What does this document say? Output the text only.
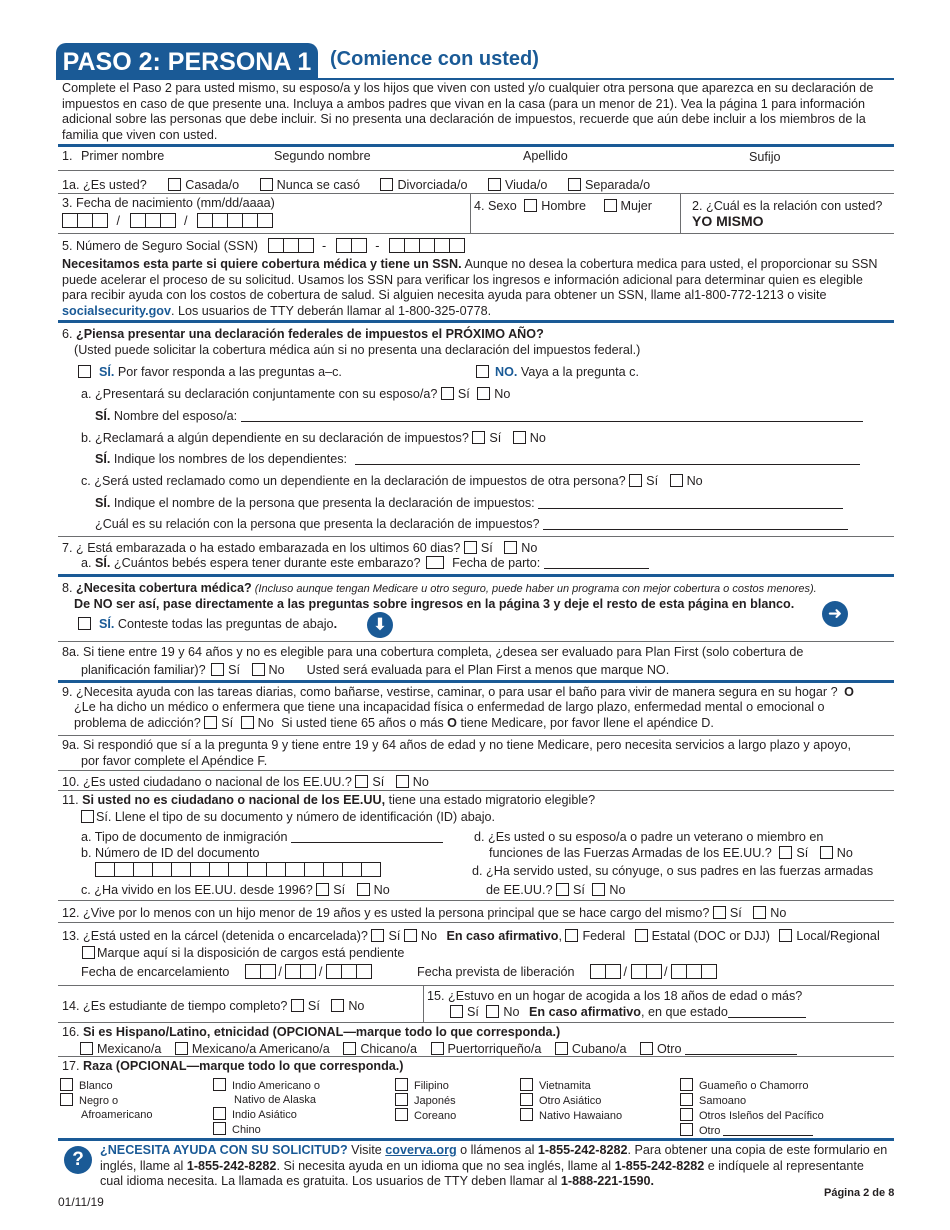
PASO 2: PERSONA 1 (Comience con usted)
Complete el Paso 2 para usted mismo, su esposo/a y los hijos que viven con usted y/o cualquier otra persona que aparezca en su declaración de impuestos en caso de que presente una. Incluya a ambos padres que vivan en la casa (para un menor de 21). Vea la página 1 para información adicional sobre las personas que debe incluir. Si no presenta una declaración de impuestos, recuerde que aún debe incluir a los miembros de la familia que viven con usted.
1. Primer nombre	Segundo nombre	Apellido	Sufijo
1a. ¿Es usted?	Casada/o	Nunca se casó	Divorciada/o	Viuda/o	Separada/o
3. Fecha de nacimiento (mm/dd/aaaa)
/	/
4. Sexo Hombre	Mujer	2. ¿Cuál es la relación con usted?
YO MISMO
5. Número de Seguro Social (SSN)	-	-
Necesitamos esta parte si quiere cobertura médica y tiene un SSN. Aunque no desea la cobertura medica para usted, el proporcionar su SSN puede acelerar el proceso de su solicitud. Usamos los SSN para verificar los ingresos e información adicional para determinar quien es elegible para recibir ayuda con los costos de cobertura de salud. Si alguien necesita ayuda para obtener un SSN, llame al1-800-772-1213 o visite socialsecurity.gov. Los usuarios de TTY deberán llamar al 1-800-325-0778.
6. ¿Piensa presentar una declaración federales de impuestos el PRÓXIMO AÑO?
(Usted puede solicitar la cobertura médica aún si no presenta una declaración del impuestos federal.)
SÍ. Por favor responda a las preguntas a–c.	NO. Vaya a la pregunta c.
a. ¿Presentará su declaración conjuntamente con su esposo/a? Sí No
SÍ. Nombre del esposo/a:
b. ¿Reclamará a algún dependiente en su declaración de impuestos? Sí No
SÍ. Indique los nombres de los dependientes:
c. ¿Será usted reclamado como un dependiente en la declaración de impuestos de otra persona? Sí No
SÍ. Indique el nombre de la persona que presenta la declaración de impuestos:
¿Cuál es su relación con la persona que presenta la declaración de impuestos?
7. ¿ Está embarazada o ha estado embarazada en los ultimos 60 dias? Sí No
a. SÍ. ¿Cuántos bebés espera tener durante este embarazo?	Fecha de parto:
8. ¿Necesita cobertura médica? (Incluso aunque tengan Medicare u otro seguro, puede haber un programa con mejor cobertura o costos menores).
De NO ser así, pase directamente a las preguntas sobre ingresos en la página 3 y deje el resto de esta página en blanco.	➜
SÍ. Conteste todas las preguntas de abajo.	⬇
8a. Si tiene entre 19 y 64 años y no es elegible para una cobertura completa, ¿desea ser evaluado para Plan First (solo cobertura de
planificación familiar)? Sí No Usted será evaluada para el Plan First a menos que marque NO.
9. ¿Necesita ayuda con las tareas diarias, como bañarse, vestirse, caminar, o para usar el baño para vivir de manera segura en su hogar ? O
¿Le ha dicho un médico o enfermera que tiene una incapacidad física o enfermedad de largo plazo, enfermedad mental o emocional o
problema de adicción? Sí No Si usted tiene 65 años o más O tiene Medicare, por favor llene el apéndice D.
9a. Si respondió que sí a la pregunta 9 y tiene entre 19 y 64 años de edad y no tiene Medicare, pero necesita servicios a largo plazo y apoyo,
por favor complete el Apéndice F.
10. ¿Es usted ciudadano o nacional de los EE.UU.? Sí No
11. Si usted no es ciudadano o nacional de los EE.UU, tiene una estado migratorio elegible?
Sí. Llene el tipo de su documento y número de identificación (ID) abajo.
a. Tipo de documento de inmigración
b. Número de ID del documento
c. ¿Ha vivido en los EE.UU. desde 1996? Sí No
d. ¿Es usted o su esposo/a o padre un veterano o miembro en
funciones de las Fuerzas Armadas de los EE.UU.? Sí No
d. ¿Ha servido usted, su cónyuge, o sus padres en las fuerzas armadas
de EE.UU.? Sí No
12. ¿Vive por lo menos con un hijo menor de 19 años y es usted la persona principal que se hace cargo del mismo? Sí No
13. ¿Está usted en la cárcel (detenida o encarcelada)? Sí No En caso afirmativo, Federal Estatal (DOC or DJJ) Local/Regional
Marque aquí si la disposición de cargos está pendiente
Fecha de encarcelamiento	/	/	Fecha prevista de liberación	/	/
14. ¿Es estudiante de tiempo completo? Sí No
15. ¿Estuvo en un hogar de acogida a los 18 años de edad o más?
Sí No En caso afirmativo, en que estado
16. Si es Hispano/Latino, etnicidad (OPCIONAL—marque todo lo que corresponda.)
Mexicano/a Mexicano/a Americano/a Chicano/a Puertorriqueño/a Cubano/a Otro
17. Raza (OPCIONAL—marque todo lo que corresponda.)
Blanco
Negro o
Afroamericano
Indio Americano o
Nativo de Alaska
Indio Asiático
Chino
Filipino
Japonés
Coreano
Vietnamita
Otro Asiático
Nativo Hawaiano
Guameño o Chamorro
Samoano
Otros Isleños del Pacífico
Otro
?	¿NECESITA AYUDA CON SU SOLICITUD? Visite coverva.org o llámenos al 1-855-242-8282. Para obtener una copia de este formulario en
inglés, llame al 1-855-242-8282. Si necesita ayuda en un idioma que no sea inglés, llame al 1-855-242-8282 e indíquele al representante
cual idioma necesita. La llamada es gratuita. Los usuarios de TTY deben llamar al 1-888-221-1590.
01/11/19
Página 2 de 8
